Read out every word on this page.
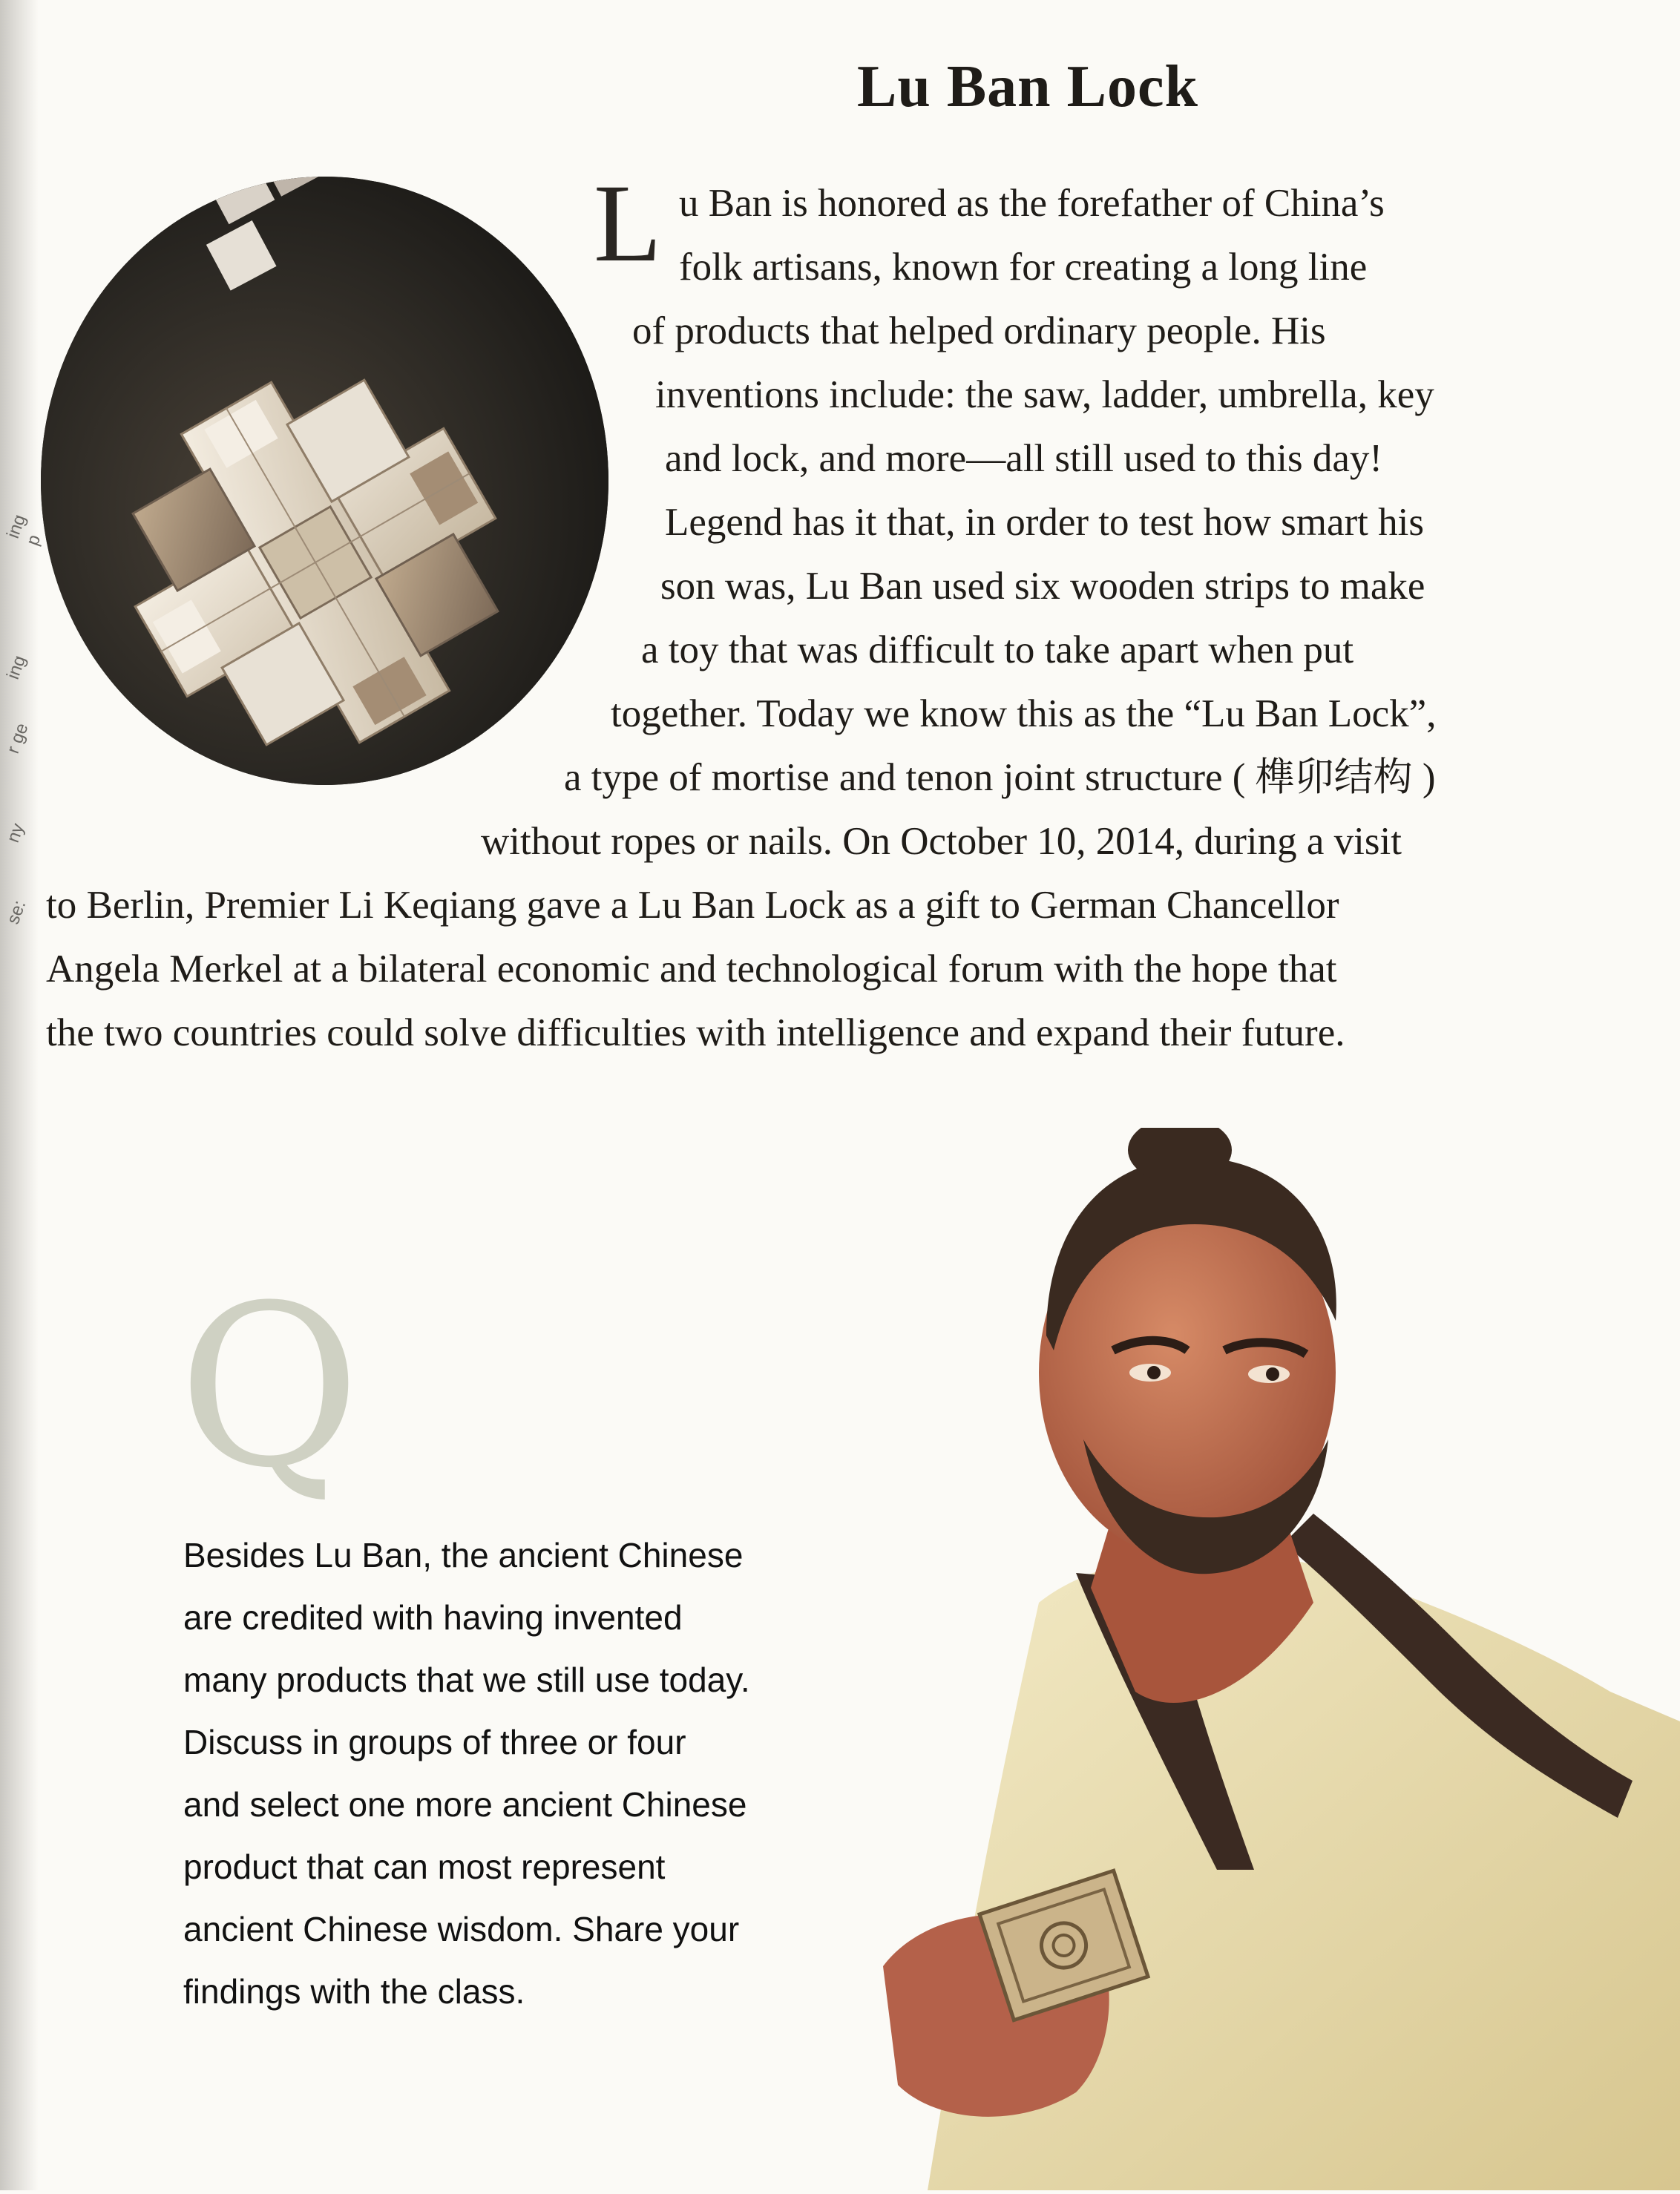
ing p
ing
r ge
ny
se:
Lu Ban Lock
L u Ban is honored as the forefather of China’s
folk artisans, known for creating a long line
of products that helped ordinary people. His
inventions include: the saw, ladder, umbrella, key
and lock, and more—all still used to this day!
Legend has it that, in order to test how smart his
son was, Lu Ban used six wooden strips to make
a toy that was difficult to take apart when put
together. Today we know this as the “Lu Ban Lock”,
a type of mortise and tenon joint structure ( 榫卯结构 )
without ropes or nails. On October 10, 2014, during a visit
to Berlin, Premier Li Keqiang gave a Lu Ban Lock as a gift to German Chancellor
Angela Merkel at a bilateral economic and technological forum with the hope that
the two countries could solve difficulties with intelligence and expand their future.
Q
Besides Lu Ban, the ancient Chinese
are credited with having invented
many products that we still use today.
Discuss in groups of three or four
and select one more ancient Chinese
product that can most represent
ancient Chinese wisdom. Share your
findings with the class.
